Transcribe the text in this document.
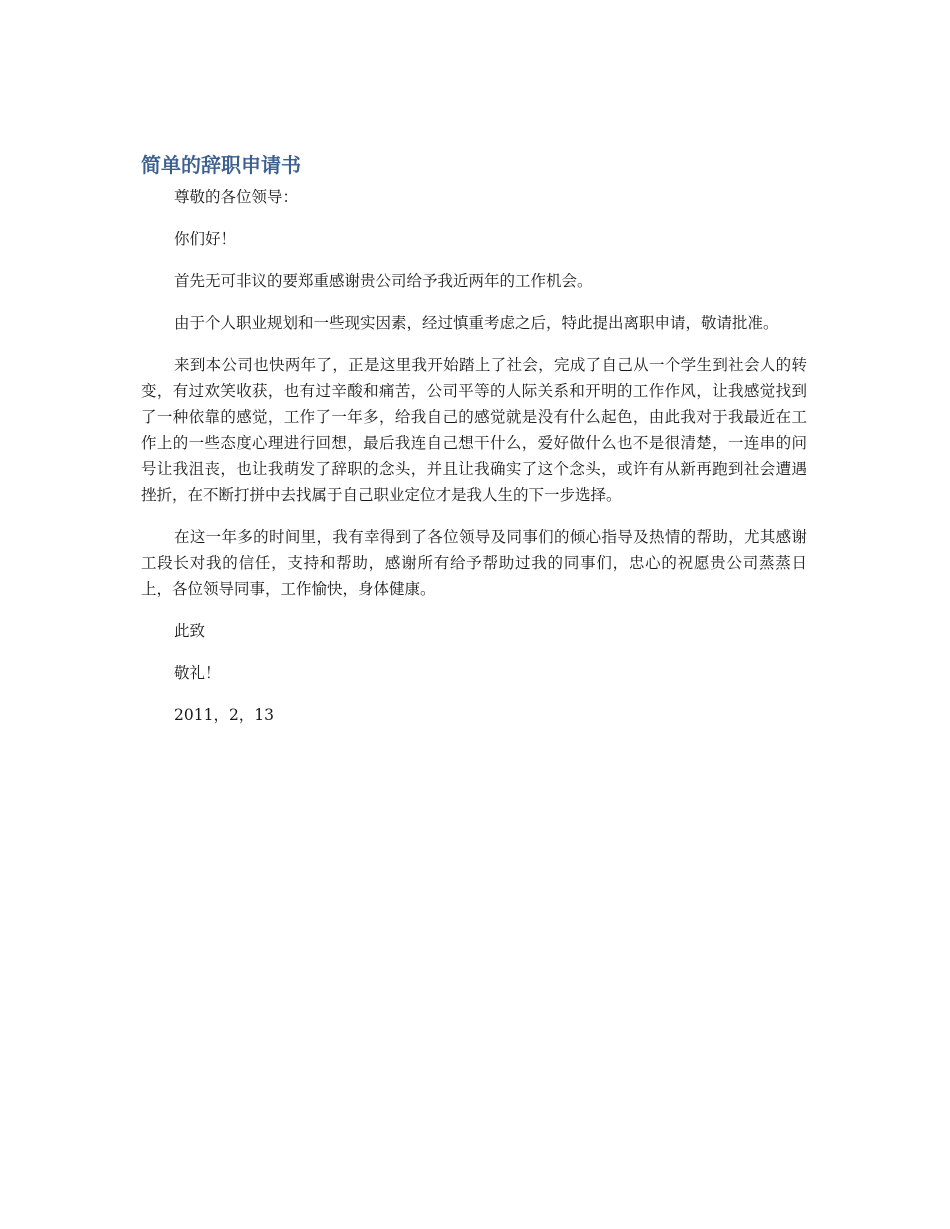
简单的辞职申请书

尊敬的各位领导：

你们好！

首先无可非议的要郑重感谢贵公司给予我近两年的工作机会。

由于个人职业规划和一些现实因素，经过慎重考虑之后，特此提出离职申请，敬请批准。

来到本公司也快两年了，正是这里我开始踏上了社会，完成了自己从一个学生到社会人的转变，有过欢笑收获，也有过辛酸和痛苦，公司平等的人际关系和开明的工作作风，让我感觉找到了一种依靠的感觉，工作了一年多，给我自己的感觉就是没有什么起色，由此我对于我最近在工作上的一些态度心理进行回想，最后我连自己想干什么，爱好做什么也不是很清楚，一连串的问号让我沮丧，也让我萌发了辞职的念头，并且让我确实了这个念头，或许有从新再跑到社会遭遇挫折，在不断打拼中去找属于自己职业定位才是我人生的下一步选择。

在这一年多的时间里，我有幸得到了各位领导及同事们的倾心指导及热情的帮助，尤其感谢工段长对我的信任，支持和帮助，感谢所有给予帮助过我的同事们，忠心的祝愿贵公司蒸蒸日上，各位领导同事，工作愉快，身体健康。

此致

敬礼！

2011，2，13
